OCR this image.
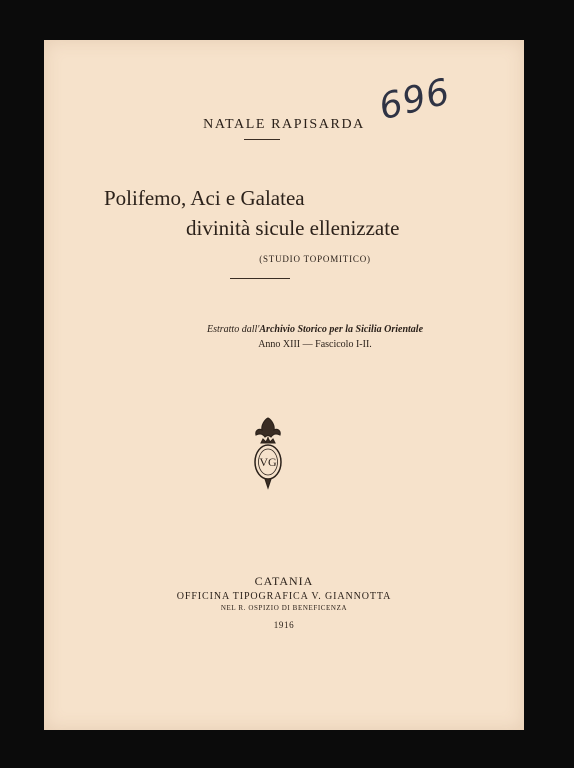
NATALE RAPISARDA 696
Polifemo, Aci e Galatea
divinità sicule ellenizzate
(STUDIO TOPOMITICO)
Estratto dall'Archivio Storico per la Sicilia Orientale
Anno XIII — Fascicolo I-II.
VG
CATANIA
OFFICINA TIPOGRAFICA V. GIANNOTTA
NEL R. OSPIZIO DI BENEFICENZA
1916
